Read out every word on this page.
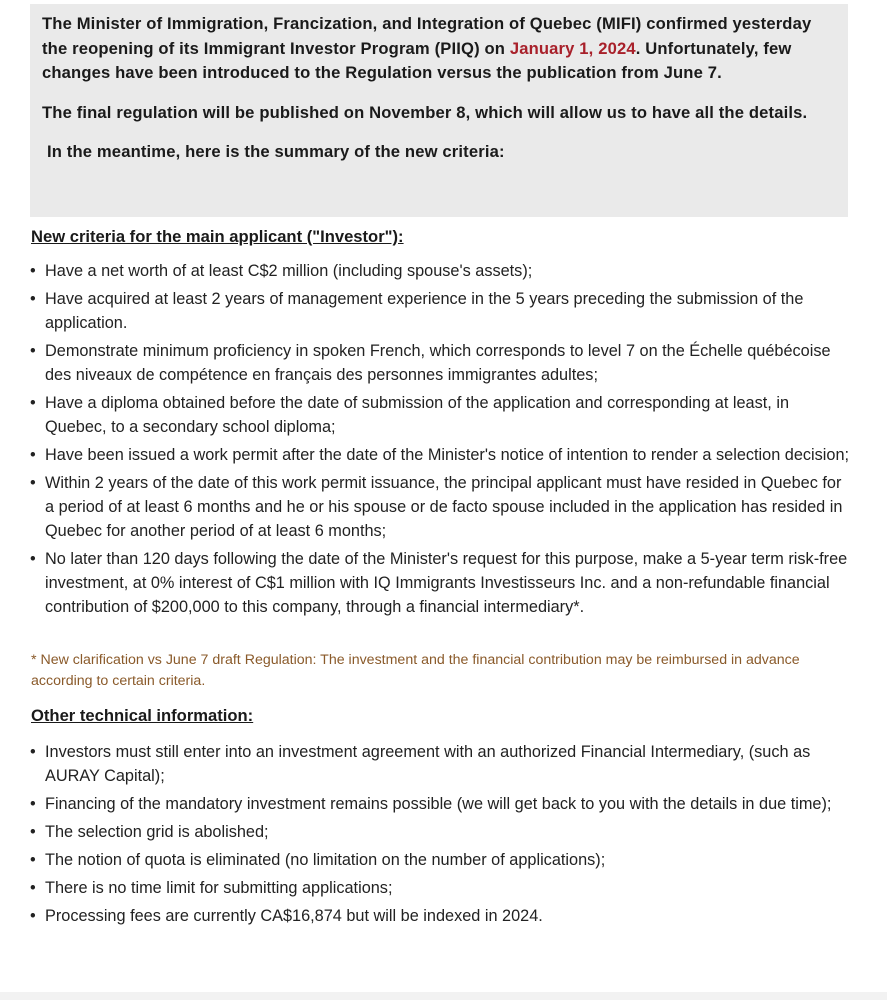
The Minister of Immigration, Francization, and Integration of Quebec (MIFI) confirmed yesterday the reopening of its Immigrant Investor Program (PIIQ) on January 1, 2024. Unfortunately, few changes have been introduced to the Regulation versus the publication from June 7.

The final regulation will be published on November 8, which will allow us to have all the details.

In the meantime, here is the summary of the new criteria:

New criteria for the main applicant ("Investor"):
• Have a net worth of at least C$2 million (including spouse's assets);
• Have acquired at least 2 years of management experience in the 5 years preceding the submission of the application.
• Demonstrate minimum proficiency in spoken French, which corresponds to level 7 on the Échelle québécoise des niveaux de compétence en français des personnes immigrantes adultes;
• Have a diploma obtained before the date of submission of the application and corresponding at least, in Quebec, to a secondary school diploma;
• Have been issued a work permit after the date of the Minister's notice of intention to render a selection decision;
• Within 2 years of the date of this work permit issuance, the principal applicant must have resided in Quebec for a period of at least 6 months and he or his spouse or de facto spouse included in the application has resided in Quebec for another period of at least 6 months;
• No later than 120 days following the date of the Minister's request for this purpose, make a 5-year term risk-free investment, at 0% interest of C$1 million with IQ Immigrants Investisseurs Inc. and a non-refundable financial contribution of $200,000 to this company, through a financial intermediary*.
* New clarification vs June 7 draft Regulation: The investment and the financial contribution may be reimbursed in advance according to certain criteria.
Other technical information:
• Investors must still enter into an investment agreement with an authorized Financial Intermediary, (such as AURAY Capital);
• Financing of the mandatory investment remains possible (we will get back to you with the details in due time);
• The selection grid is abolished;
• The notion of quota is eliminated (no limitation on the number of applications);
• There is no time limit for submitting applications;
• Processing fees are currently CA$16,874 but will be indexed in 2024.
